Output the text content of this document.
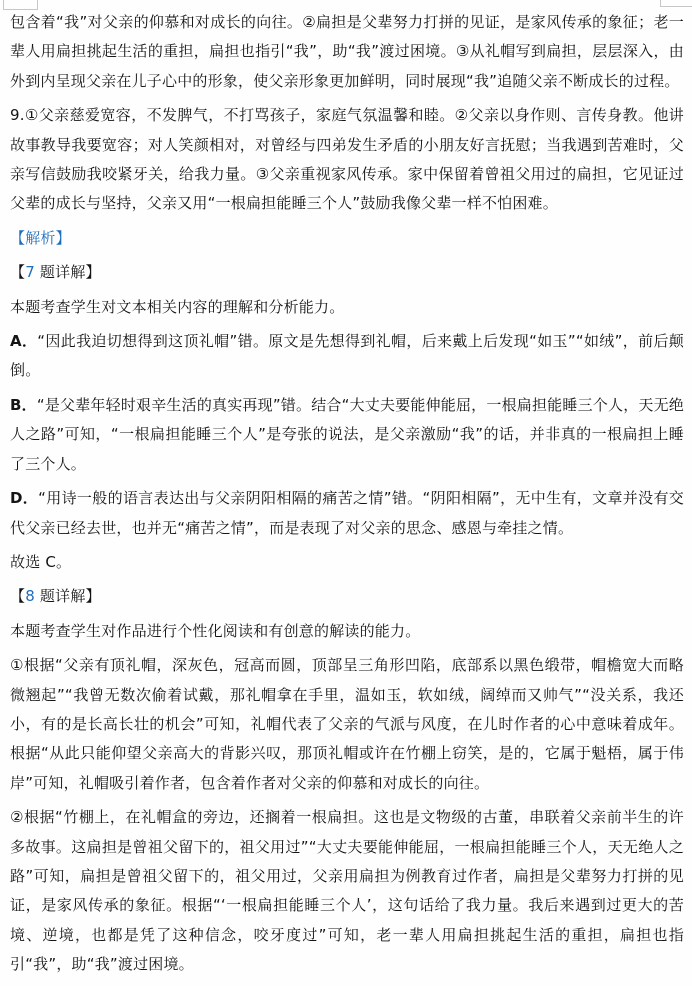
包含着“我”对父亲的仰慕和对成长的向往。②扁担是父辈努力打拼的见证，是家风传承的象征；老一辈人用扁担挑起生活的重担，扁担也指引“我”，助“我”渡过困境。③从礼帽写到扁担，层层深入，由外到内呈现父亲在儿子心中的形象，使父亲形象更加鲜明，同时展现“我”追随父亲不断成长的过程。

9.①父亲慈爱宽容，不发脾气，不打骂孩子，家庭气氛温馨和睦。②父亲以身作则、言传身教。他讲故事教导我要宽容；对人笑颜相对，对曾经与四弟发生矛盾的小朋友好言抚慰；当我遇到苦难时，父亲写信鼓励我咬紧牙关，给我力量。③父亲重视家风传承。家中保留着曾祖父用过的扁担，它见证过父辈的成长与坚持，父亲又用“一根扁担能睡三个人”鼓励我像父辈一样不怕困难。

【解析】

【7 题详解】

本题考查学生对文本相关内容的理解和分析能力。

A．“因此我迫切想得到这顶礼帽”错。原文是先想得到礼帽，后来戴上后发现“如玉”“如绒”，前后颠倒。

B．“是父辈年轻时艰辛生活的真实再现”错。结合“大丈夫要能伸能屈，一根扁担能睡三个人，天无绝人之路”可知，“一根扁担能睡三个人”是夸张的说法，是父亲激励“我”的话，并非真的一根扁担上睡了三个人。

D．“用诗一般的语言表达出与父亲阴阳相隔的痛苦之情”错。“阴阳相隔”，无中生有，文章并没有交代父亲已经去世，也并无“痛苦之情”，而是表现了对父亲的思念、感恩与牵挂之情。

故选 C。

【8 题详解】

本题考查学生对作品进行个性化阅读和有创意的解读的能力。

①根据“父亲有顶礼帽，深灰色，冠高而圆，顶部呈三角形凹陷，底部系以黑色缎带，帽檐宽大而略微翘起”“我曾无数次偷着试戴，那礼帽拿在手里，温如玉，软如绒，阔绰而又帅气”“没关系，我还小，有的是长高长壮的机会”可知，礼帽代表了父亲的气派与风度，在儿时作者的心中意味着成年。根据“从此只能仰望父亲高大的背影兴叹，那顶礼帽或许在竹棚上窃笑，是的，它属于魁梧，属于伟岸”可知，礼帽吸引着作者，包含着作者对父亲的仰慕和对成长的向往。

②根据“竹棚上，在礼帽盒的旁边，还搁着一根扁担。这也是文物级的古董，串联着父亲前半生的许多故事。这扁担是曾祖父留下的，祖父用过”“大丈夫要能伸能屈，一根扁担能睡三个人，天无绝人之路”可知，扁担是曾祖父留下的，祖父用过，父亲用扁担为例教育过作者，扁担是父辈努力打拼的见证，是家风传承的象征。根据“‘一根扁担能睡三个人’，这句话给了我力量。我后来遇到过更大的苦境、逆境，也都是凭了这种信念，咬牙度过”可知，老一辈人用扁担挑起生活的重担，扁担也指引“我”，助“我”渡过困境。
